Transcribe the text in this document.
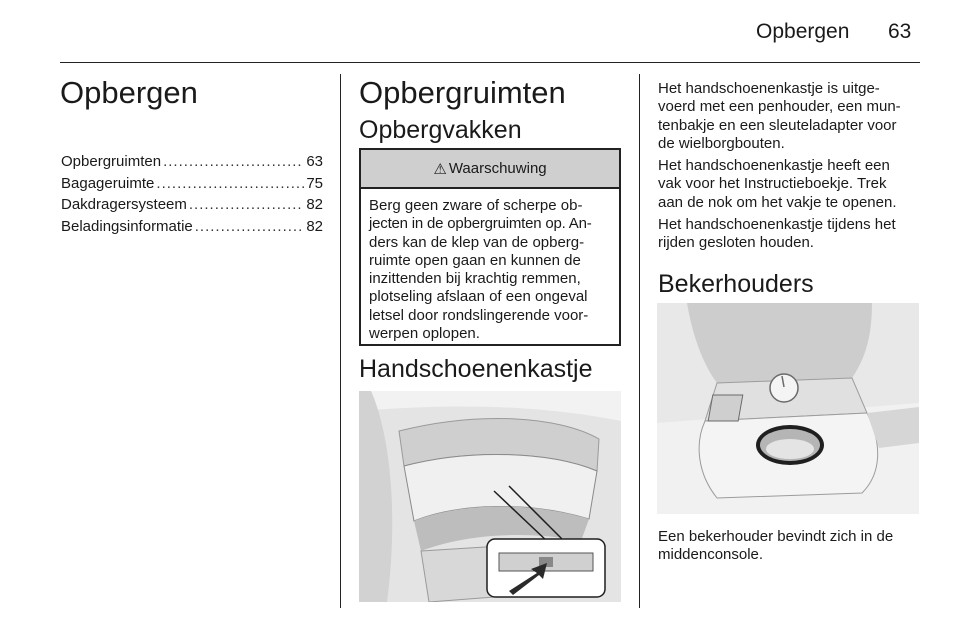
Opbergen 63
Opbergen
Opbergruimten .....	63
Bagageruimte .....	75
Dakdragersysteem .....	82
Beladingsinformatie .....	82
Opbergruimten
Opbergvakken
⚠ Waarschuwing
Berg geen zware of scherpe ob-
jecten in de opbergruimten op. An-
ders kan de klep van de opberg-
ruimte open gaan en kunnen de
inzittenden bij krachtig remmen,
plotseling afslaan of een ongeval
letsel door rondslingerende voor-
werpen oplopen.
Handschoenenkastje
Het handschoenenkastje is uitge-
voerd met een penhouder, een mun-
tenbakje en een sleuteladapter voor
de wielborgbouten.
Het handschoenenkastje heeft een
vak voor het Instructieboekje. Trek
aan de nok om het vakje te openen.
Het handschoenenkastje tijdens het
rijden gesloten houden.
Bekerhouders
Een bekerhouder bevindt zich in de
middenconsole.
